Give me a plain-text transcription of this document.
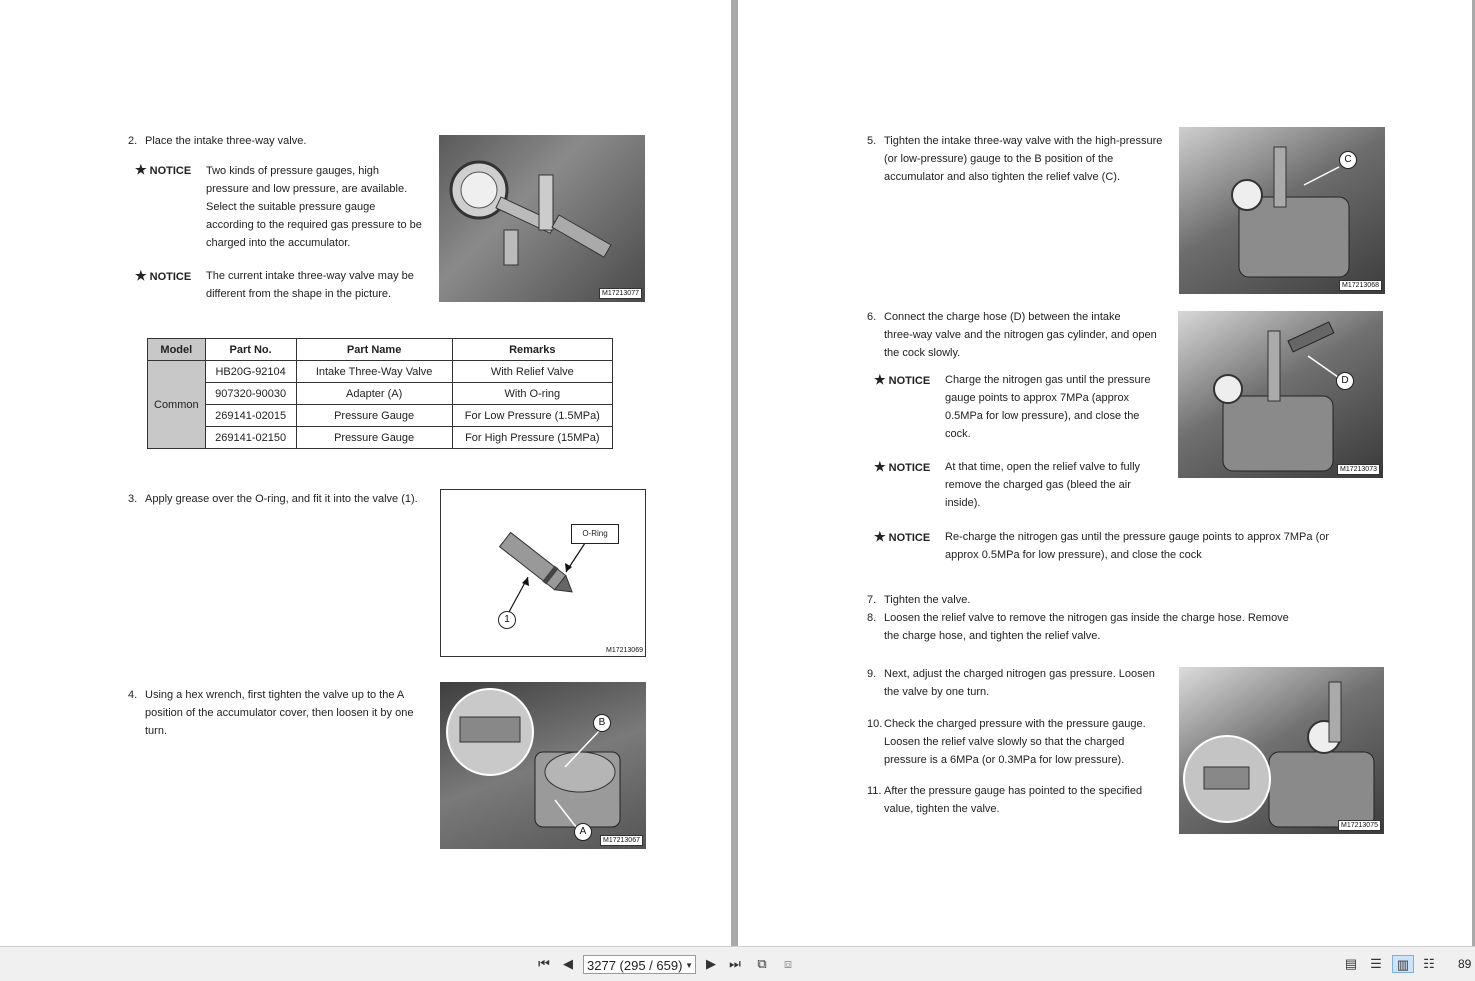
2. Place the intake three-way valve.
★ NOTICE Two kinds of pressure gauges, high
pressure and low pressure, are available.
Select the suitable pressure gauge
according to the required gas pressure to be
charged into the accumulator.
★ NOTICE The current intake three-way valve may be
different from the shape in the picture.	M17213077
Model	Part No.	Part Name	Remarks
Common	HB20G-92104	Intake Three-Way Valve	With Relief Valve
	907320-90030	Adapter (A)	With O-ring
	269141-02015	Pressure Gauge	For Low Pressure (1.5MPa)
	269141-02150	Pressure Gauge	For High Pressure (15MPa)
3. Apply grease over the O-ring, and fit it into the valve (1).
O-Ring
1
M17213069
4. Using a hex wrench, first tighten the valve up to the A
position of the accumulator cover, then loosen it by one
turn.
B
A
M17213067
5. Tighten the intake three-way valve with the high-pressure
(or low-pressure) gauge to the B position of the
accumulator and also tighten the relief valve (C).
C
M17213068
6. Connect the charge hose (D) between the intake
three-way valve and the nitrogen gas cylinder, and open
the cock slowly.
D
M17213073
★ NOTICE Charge the nitrogen gas until the pressure
gauge points to approx 7MPa (approx
0.5MPa for low pressure), and close the
cock.
★ NOTICE At that time, open the relief valve to fully
remove the charged gas (bleed the air
inside).
★ NOTICE Re-charge the nitrogen gas until the pressure gauge points to approx 7MPa (or
approx 0.5MPa for low pressure), and close the cock
7. Tighten the valve.
8. Loosen the relief valve to remove the nitrogen gas inside the charge hose. Remove
the charge hose, and tighten the relief valve.
9. Next, adjust the charged nitrogen gas pressure. Loosen
the valve by one turn.
10. Check the charged pressure with the pressure gauge.
Loosen the relief valve slowly so that the charged
pressure is a 6MPa (or 0.3MPa for low pressure).
11. After the pressure gauge has pointed to the specified
value, tighten the valve.
M17213075
⏮	◀	3277 (295 / 659) ▼	▶	⏭	⧉	⧈	▤ ☰	▥	☷ 89
